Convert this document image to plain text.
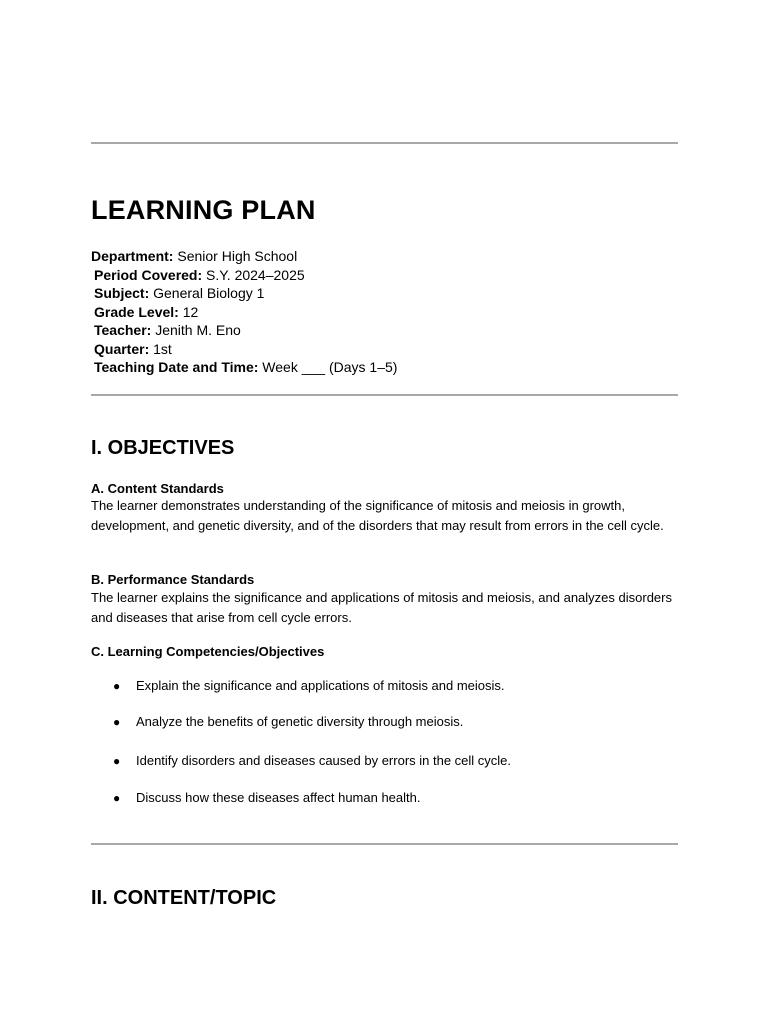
LEARNING PLAN
Department: Senior High School
Period Covered: S.Y. 2024–2025
Subject: General Biology 1
Grade Level: 12
Teacher: Jenith M. Eno
Quarter: 1st
Teaching Date and Time: Week ___ (Days 1–5)
I. OBJECTIVES
A. Content Standards

The learner demonstrates understanding of the significance of mitosis and meiosis in growth, development, and genetic diversity, and of the disorders that may result from errors in the cell cycle.

B. Performance Standards

The learner explains the significance and applications of mitosis and meiosis, and analyzes disorders and diseases that arise from cell cycle errors.

C. Learning Competencies/Objectives
● Explain the significance and applications of mitosis and meiosis.
● Analyze the benefits of genetic diversity through meiosis.
● Identify disorders and diseases caused by errors in the cell cycle.
● Discuss how these diseases affect human health.
II. CONTENT/TOPIC
